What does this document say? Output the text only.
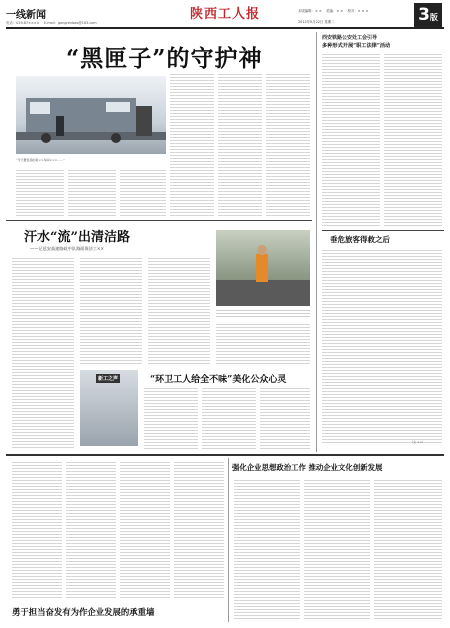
一线新闻
电话：029-87×××× 　E-mail：gongrenbao@163.com
陕西工人报	本版编辑：× × 　美编：× × 　校对：× × ×
2012年5月22日 星期二	3版
“黑匣子”的守护神
“今天要表扬的是××车间×××……”
西安铁路公安处工会引导
多种形式开展“职工法律”活动
垂危旅客得救之后
（文 ××）
汗水“流”出清洁路
——记延安高速路政中队路面保洁工××
新工之声	“环卫工人给全不味”美化公众心灵
勇于担当奋发有为作企业发展的承重墙
强化企业思想政治工作 推动企业文化创新发展
